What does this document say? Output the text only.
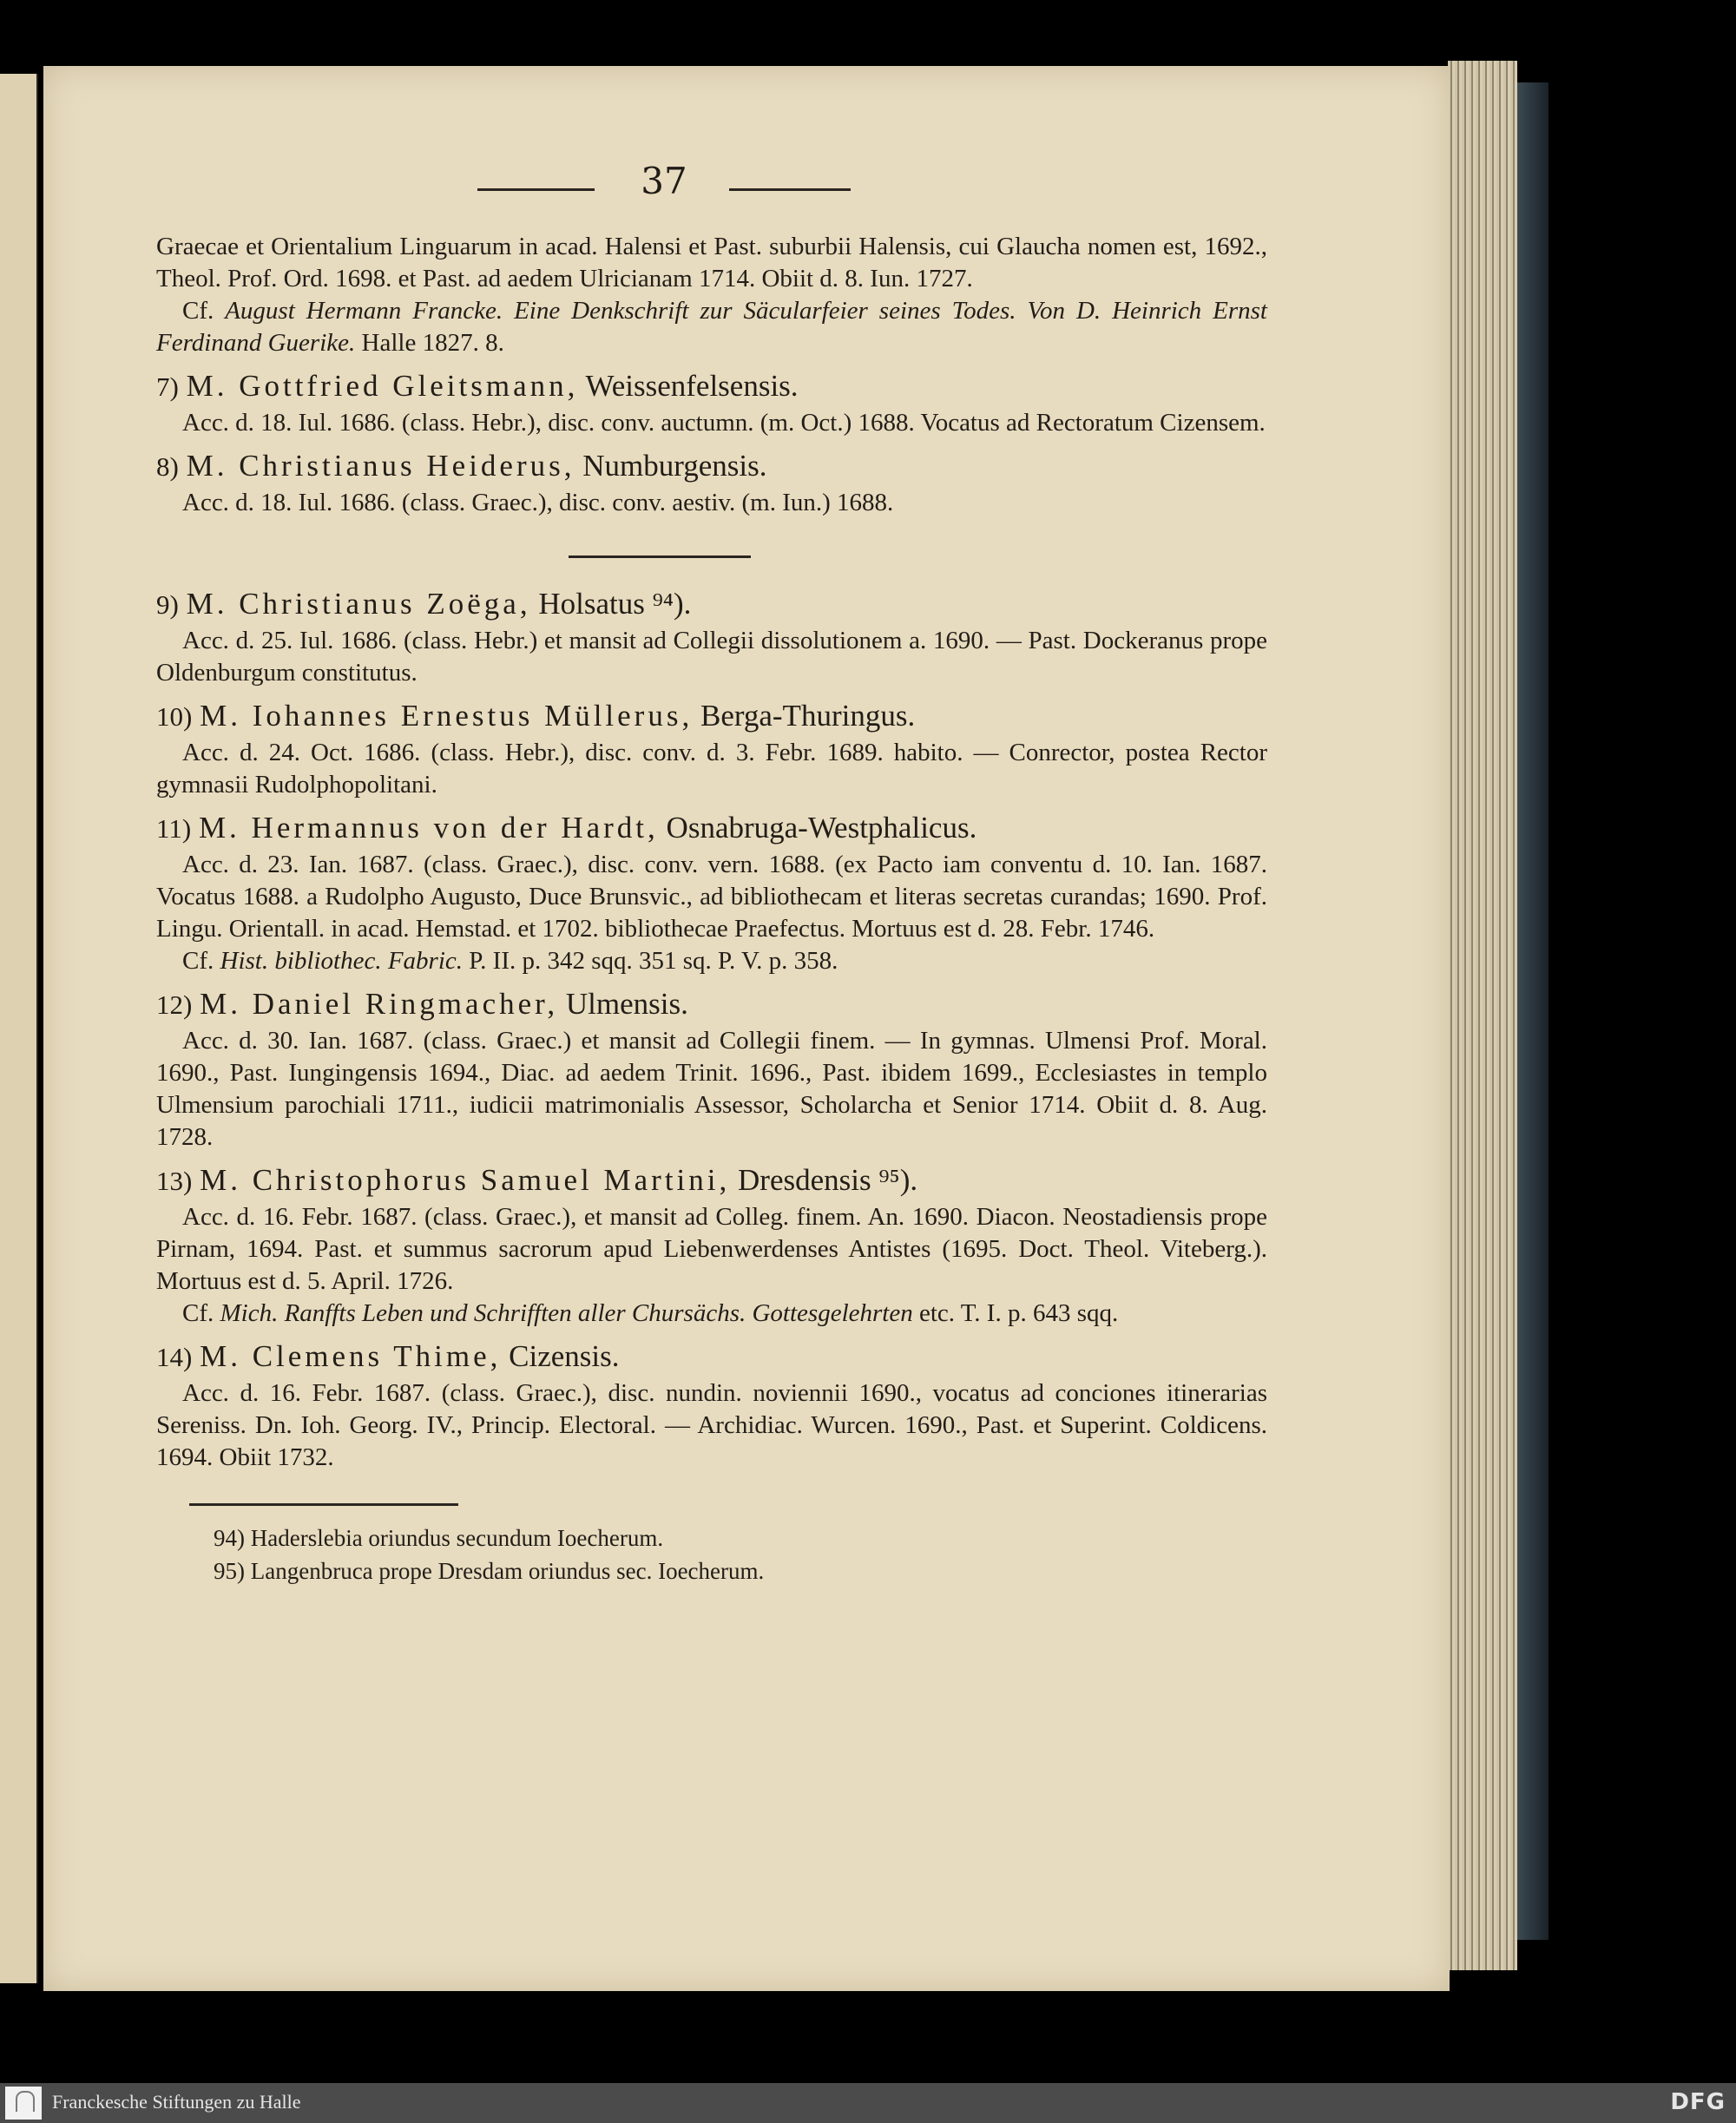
37

Graecae et Orientalium Linguarum in acad. Halensi et Past. suburbii Halensis, cui Glaucha nomen est, 1692., Theol. Prof. Ord. 1698. et Past. ad aedem Ulricianam 1714. Obiit d. 8. Iun. 1727.

Cf. August Hermann Francke. Eine Denkschrift zur Säcularfeier seines Todes. Von D. Heinrich Ernst Ferdinand Guerike. Halle 1827. 8.

7) M. Gottfried Gleitsmann, Weissenfelsensis.

Acc. d. 18. Iul. 1686. (class. Hebr.), disc. conv. auctumn. (m. Oct.) 1688. Vocatus ad Rectoratum Cizensem.

8) M. Christianus Heiderus, Numburgensis.

Acc. d. 18. Iul. 1686. (class. Graec.), disc. conv. aestiv. (m. Iun.) 1688.

9) M. Christianus Zoëga, Holsatus ⁹⁴).

Acc. d. 25. Iul. 1686. (class. Hebr.) et mansit ad Collegii dissolutionem a. 1690. — Past. Dockeranus prope Oldenburgum constitutus.

10) M. Iohannes Ernestus Müllerus, Berga-Thuringus.

Acc. d. 24. Oct. 1686. (class. Hebr.), disc. conv. d. 3. Febr. 1689. habito. — Conrector, postea Rector gymnasii Rudolphopolitani.

11) M. Hermannus von der Hardt, Osnabruga-Westphalicus.

Acc. d. 23. Ian. 1687. (class. Graec.), disc. conv. vern. 1688. (ex Pacto iam conventu d. 10. Ian. 1687. Vocatus 1688. a Rudolpho Augusto, Duce Brunsvic., ad bibliothecam et literas secretas curandas; 1690. Prof. Lingu. Orientall. in acad. Hemstad. et 1702. bibliothecae Praefectus. Mortuus est d. 28. Febr. 1746.

Cf. Hist. bibliothec. Fabric. P. II. p. 342 sqq. 351 sq. P. V. p. 358.

12) M. Daniel Ringmacher, Ulmensis.

Acc. d. 30. Ian. 1687. (class. Graec.) et mansit ad Collegii finem. — In gymnas. Ulmensi Prof. Moral. 1690., Past. Iungingensis 1694., Diac. ad aedem Trinit. 1696., Past. ibidem 1699., Ecclesiastes in templo Ulmensium parochiali 1711., iudicii matrimonialis Assessor, Scholarcha et Senior 1714. Obiit d. 8. Aug. 1728.

13) M. Christophorus Samuel Martini, Dresdensis ⁹⁵).

Acc. d. 16. Febr. 1687. (class. Graec.), et mansit ad Colleg. finem. An. 1690. Diacon. Neostadiensis prope Pirnam, 1694. Past. et summus sacrorum apud Liebenwerdenses Antistes (1695. Doct. Theol. Viteberg.). Mortuus est d. 5. April. 1726.

Cf. Mich. Ranffts Leben und Schrifften aller Chursächs. Gottesgelehrten etc. T. I. p. 643 sqq.

14) M. Clemens Thime, Cizensis.

Acc. d. 16. Febr. 1687. (class. Graec.), disc. nundin. noviennii 1690., vocatus ad conciones itinerarias Sereniss. Dn. Ioh. Georg. IV., Princip. Electoral. — Archidiac. Wurcen. 1690., Past. et Superint. Coldicens. 1694. Obiit 1732.

94) Haderslebia oriundus secundum Ioecherum.

95) Langenbruca prope Dresdam oriundus sec. Ioecherum.

Franckesche Stiftungen zu Halle	DFG
